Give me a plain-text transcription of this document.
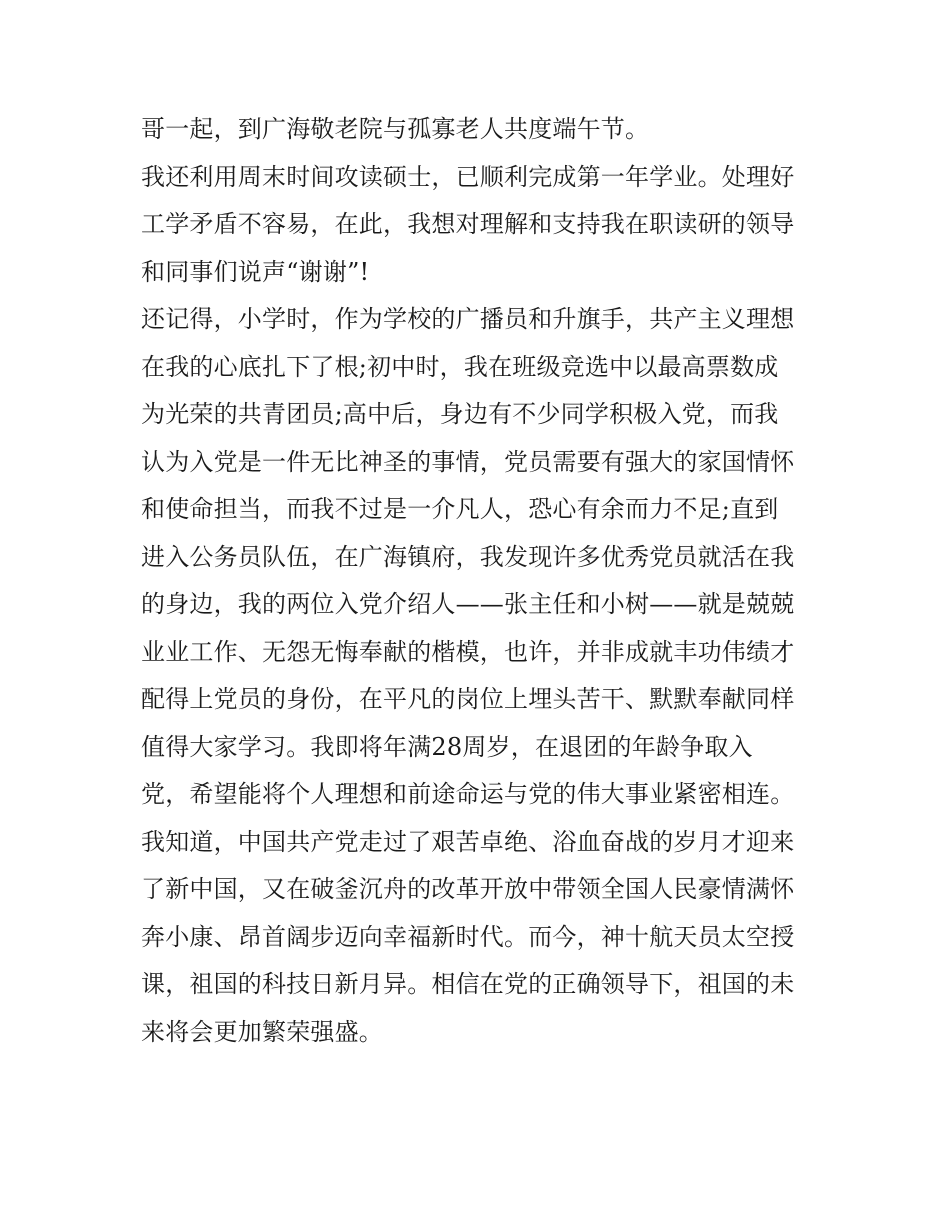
哥一起，到广海敬老院与孤寡老人共度端午节。
我还利用周末时间攻读硕士，已顺利完成第一年学业。处理好
工学矛盾不容易，在此，我想对理解和支持我在职读研的领导
和同事们说声“谢谢”!
还记得，小学时，作为学校的广播员和升旗手，共产主义理想
在我的心底扎下了根;初中时，我在班级竞选中以最高票数成
为光荣的共青团员;高中后，身边有不少同学积极入党，而我
认为入党是一件无比神圣的事情，党员需要有强大的家国情怀
和使命担当，而我不过是一介凡人，恐心有余而力不足;直到
进入公务员队伍，在广海镇府，我发现许多优秀党员就活在我
的身边，我的两位入党介绍人——张主任和小树——就是兢兢
业业工作、无怨无悔奉献的楷模，也许，并非成就丰功伟绩才
配得上党员的身份，在平凡的岗位上埋头苦干、默默奉献同样
值得大家学习。我即将年满28周岁，在退团的年龄争取入
党，希望能将个人理想和前途命运与党的伟大事业紧密相连。
我知道，中国共产党走过了艰苦卓绝、浴血奋战的岁月才迎来
了新中国，又在破釜沉舟的改革开放中带领全国人民豪情满怀
奔小康、昂首阔步迈向幸福新时代。而今，神十航天员太空授
课，祖国的科技日新月异。相信在党的正确领导下，祖国的未
来将会更加繁荣强盛。
